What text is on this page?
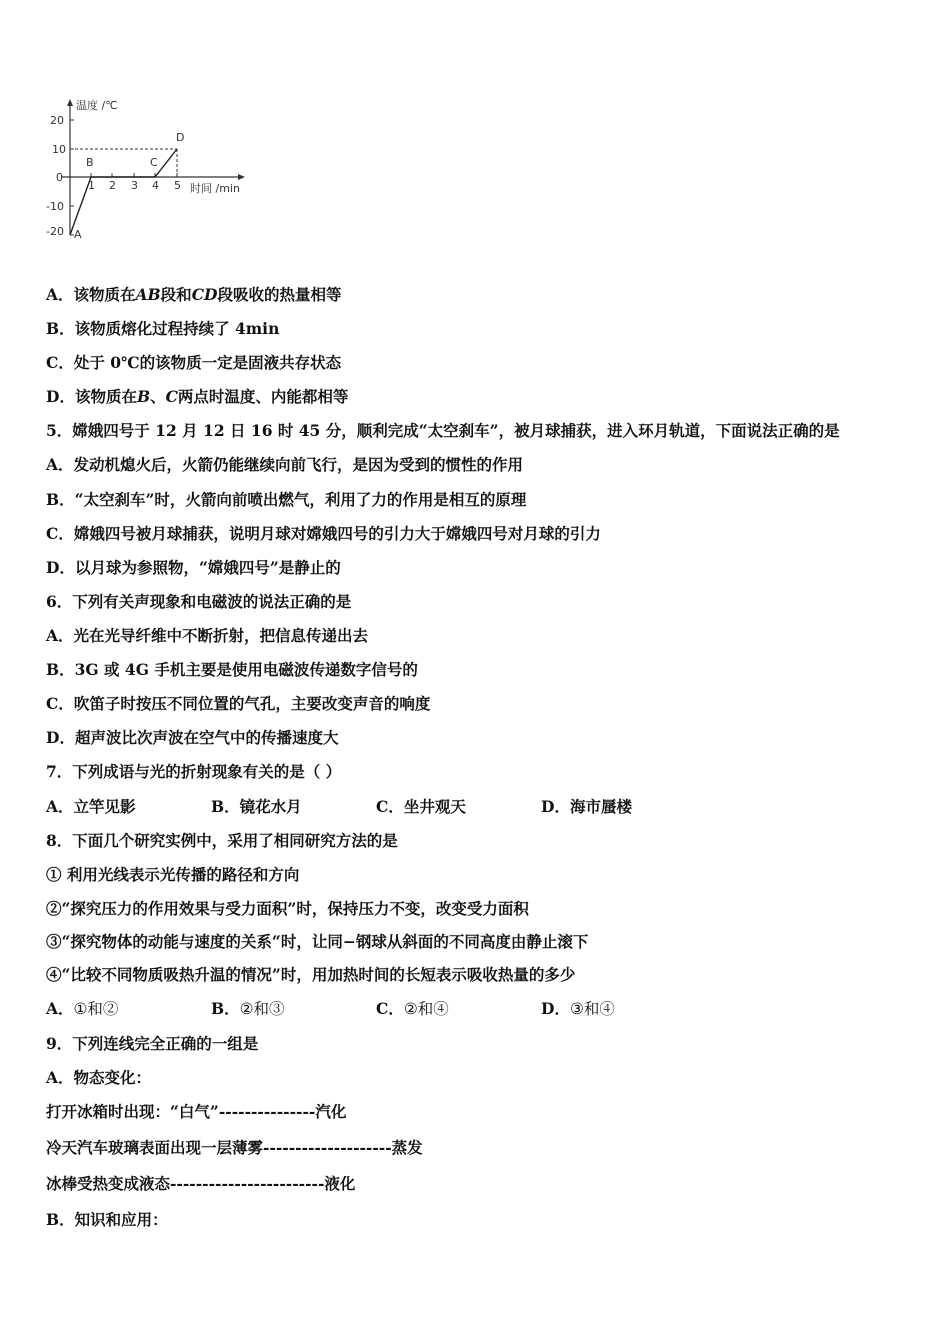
温度 /℃
时间 /min
20
10
0
-10
-20
1 2 3 4 5
A
B	C
D
A．该物质在AB段和CD段吸收的热量相等
B．该物质熔化过程持续了 4min
C．处于 0℃的该物质一定是固液共存状态
D．该物质在B、C两点时温度、内能都相等
5．嫦娥四号于 12 月 12 日 16 时 45 分，顺利完成“太空刹车”，被月球捕获，进入环月轨道，下面说法正确的是
A．发动机熄火后，火箭仍能继续向前飞行，是因为受到的惯性的作用
B．“太空刹车”时，火箭向前喷出燃气，利用了力的作用是相互的原理
C．嫦娥四号被月球捕获，说明月球对嫦娥四号的引力大于嫦娥四号对月球的引力
D．以月球为参照物，“嫦娥四号”是静止的
6．下列有关声现象和电磁波的说法正确的是
A．光在光导纤维中不断折射，把信息传递出去
B．3G 或 4G 手机主要是使用电磁波传递数字信号的
C．吹笛子时按压不同位置的气孔，主要改变声音的响度
D．超声波比次声波在空气中的传播速度大
7．下列成语与光的折射现象有关的是（ ）
A．立竿见影	B．镜花水月	C．坐井观天	D．海市蜃楼
8．下面几个研究实例中，采用了相同研究方法的是
① 利用光线表示光传播的路径和方向
②“探究压力的作用效果与受力面积”时，保持压力不变，改变受力面积
③“探究物体的动能与速度的关系“时，让同−钢球从斜面的不同高度由静止滚下
④“比较不同物质吸热升温的情况”时，用加热时间的长短表示吸收热量的多少
A．①和②	B．②和③	C．②和④	D．③和④
9．下列连线完全正确的一组是
A．物态变化：
打开冰箱时出现：“白气”---------------汽化
冷天汽车玻璃表面出现一层薄雾--------------------蒸发
冰棒受热变成液态------------------------液化
B．知识和应用：
